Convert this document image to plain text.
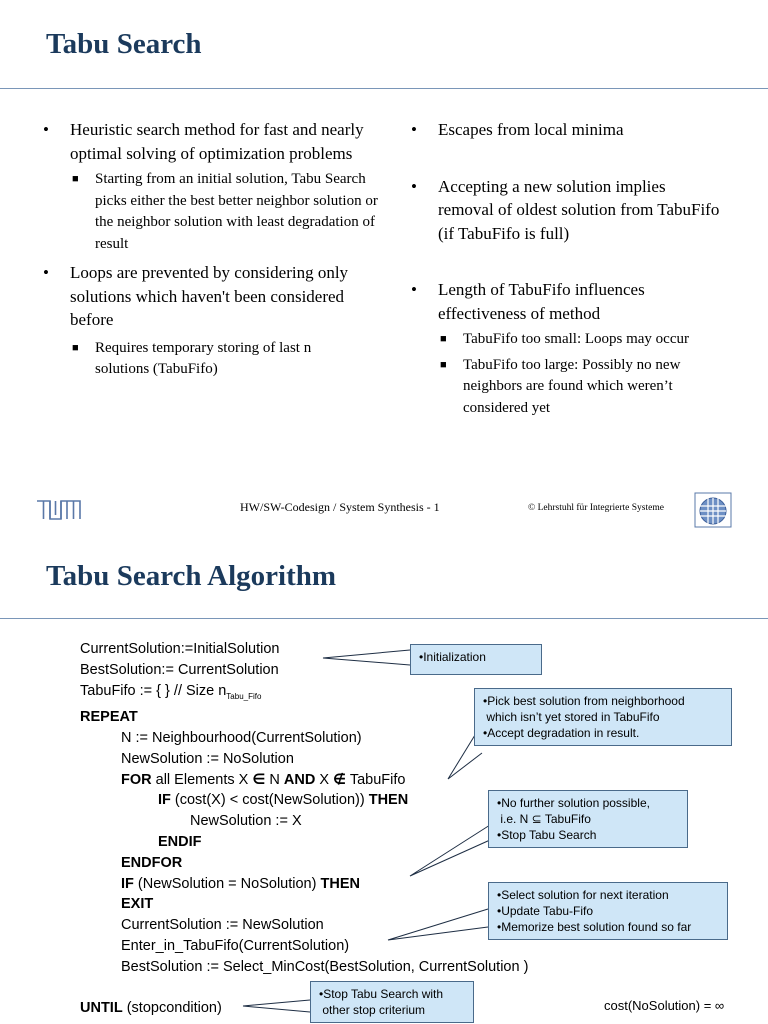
Tabu Search
• Heuristic search method for fast and nearly optimal solving of optimization problems
■ Starting from an initial solution, Tabu Search picks either the best better neighbor solution or the neighbor solution with least degradation of result
• Loops are prevented by considering only solutions which haven't been considered before
■ Requires temporary storing of last n solutions (TabuFifo)
• Escapes from local minima
• Accepting a new solution implies removal of oldest solution from TabuFifo (if TabuFifo is full)
• Length of TabuFifo influences effectiveness of method
■ TabuFifo too small: Loops may occur
■ TabuFifo too large: Possibly no new neighbors are found which weren’t considered yet
HW/SW-Codesign / System Synthesis - 1	© Lehrstuhl für Integrierte Systeme
Tabu Search Algorithm
CurrentSolution:=InitialSolution
BestSolution:= CurrentSolution
TabuFifo := { } // Size $n_{Tabu\_Fifo}$
REPEAT
N := Neighbourhood(CurrentSolution)
NewSolution := NoSolution
FOR all Elements X ∈ N AND X ∉ TabuFifo
IF (cost(X) < cost(NewSolution)) THEN
NewSolution := X
ENDIF
ENDFOR
IF (NewSolution = NoSolution) THEN
EXIT
CurrentSolution := NewSolution
Enter_in_TabuFifo(CurrentSolution)
BestSolution := Select_MinCost(BestSolution, CurrentSolution )
UNTIL (stopcondition)
•Initialization
•Pick best solution from neighborhood
which isn’t yet stored in TabuFifo
•Accept degradation in result.
•No further solution possible,
i.e. N ⊆ TabuFifo
•Stop Tabu Search
•Select solution for next iteration
•Update Tabu-Fifo
•Memorize best solution found so far
•Stop Tabu Search with
other stop criterium	cost(NoSolution) = ∞
